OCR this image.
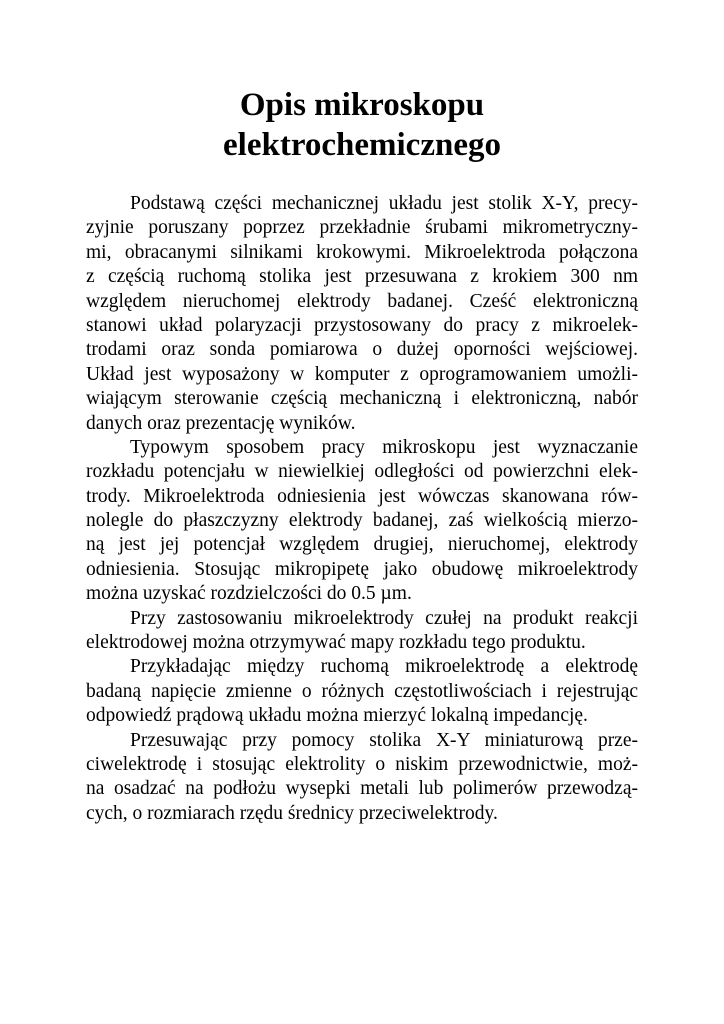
Opis mikroskopu
elektrochemicznego
Podstawą części mechanicznej układu jest stolik X-Y, precy-
zyjnie poruszany poprzez przekładnie śrubami mikrometryczny-
mi, obracanymi silnikami krokowymi. Mikroelektroda połączona
z częścią ruchomą stolika jest przesuwana z krokiem 300 nm
względem nieruchomej elektrody badanej. Cześć elektroniczną
stanowi układ polaryzacji przystosowany do pracy z mikroelek-
trodami oraz sonda pomiarowa o dużej oporności wejściowej.
Układ jest wyposażony w komputer z oprogramowaniem umożli-
wiającym sterowanie częścią mechaniczną i elektroniczną, nabór
danych oraz prezentację wyników.
Typowym sposobem pracy mikroskopu jest wyznaczanie
rozkładu potencjału w niewielkiej odległości od powierzchni elek-
trody. Mikroelektroda odniesienia jest wówczas skanowana rów-
nolegle do płaszczyzny elektrody badanej, zaś wielkością mierzo-
ną jest jej potencjał względem drugiej, nieruchomej, elektrody
odniesienia. Stosując mikropipetę jako obudowę mikroelektrody
można uzyskać rozdzielczości do 0.5 µm.
Przy zastosowaniu mikroelektrody czułej na produkt reakcji
elektrodowej można otrzymywać mapy rozkładu tego produktu.
Przykładając między ruchomą mikroelektrodę a elektrodę
badaną napięcie zmienne o różnych częstotliwościach i rejestrując
odpowiedź prądową układu można mierzyć lokalną impedancję.
Przesuwając przy pomocy stolika X-Y miniaturową prze-
ciwelektrodę i stosując elektrolity o niskim przewodnictwie, moż-
na osadzać na podłożu wysepki metali lub polimerów przewodzą-
cych, o rozmiarach rzędu średnicy przeciwelektrody.
